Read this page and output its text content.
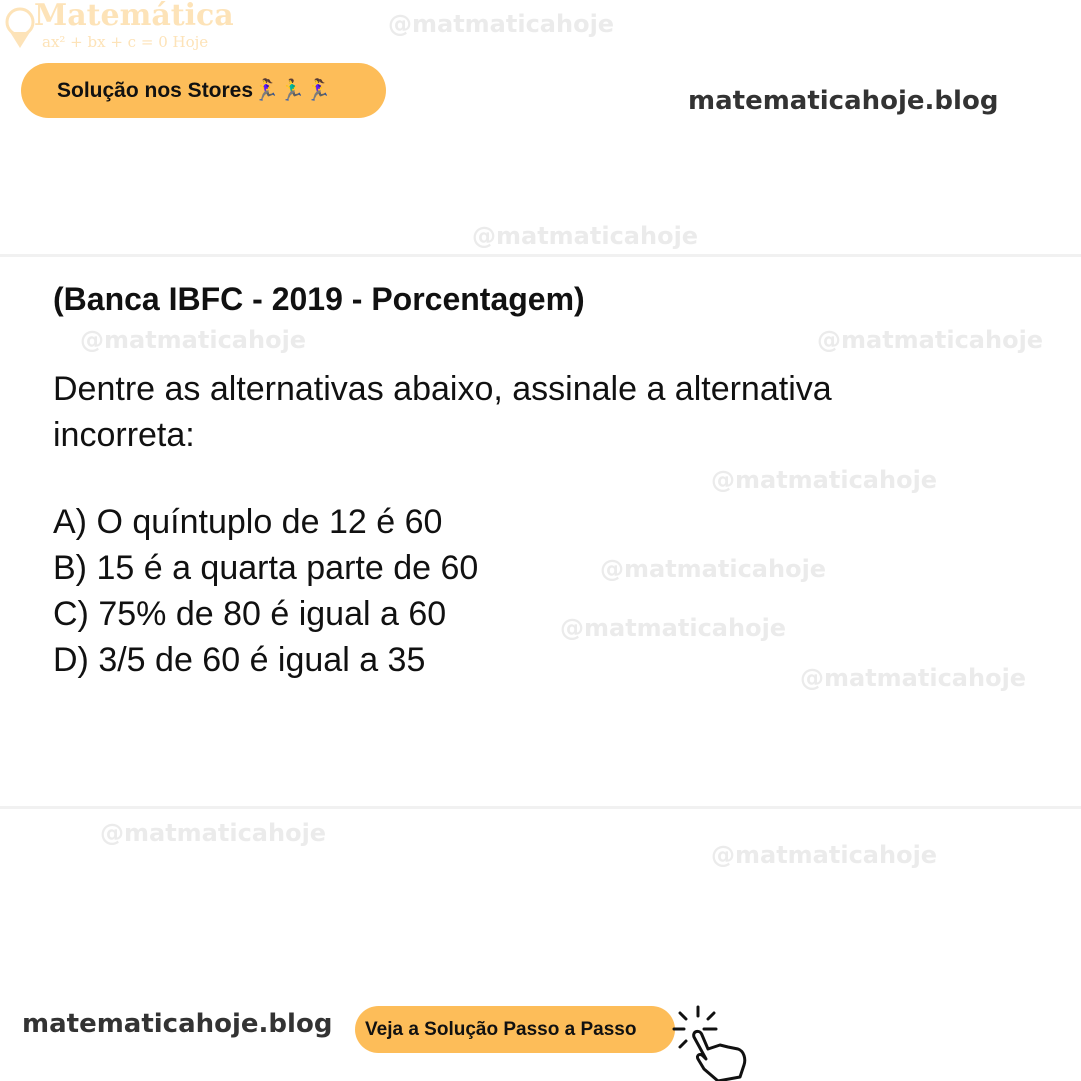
Matemática
ax² + bx + c = 0 Hoje
@matmaticahoje
@matmaticahoje
@matmaticahoje	@matmaticahoje
@matmaticahoje
@matmaticahoje
@matmaticahoje
@matmaticahoje
@matmaticahoje
@matmaticahoje
Solução nos Stores🏃‍♀️🏃‍♂️🏃‍♀️	matematicahoje.blog
(Banca IBFC - 2019 - Porcentagem)
Dentre as alternativas abaixo, assinale a alternativa incorreta:
A) O quíntuplo de 12 é 60
B) 15 é a quarta parte de 60
C) 75% de 80 é igual a 60
D) 3/5 de 60 é igual a 35
matematicahoje.blog Veja a Solução Passo a Passo
